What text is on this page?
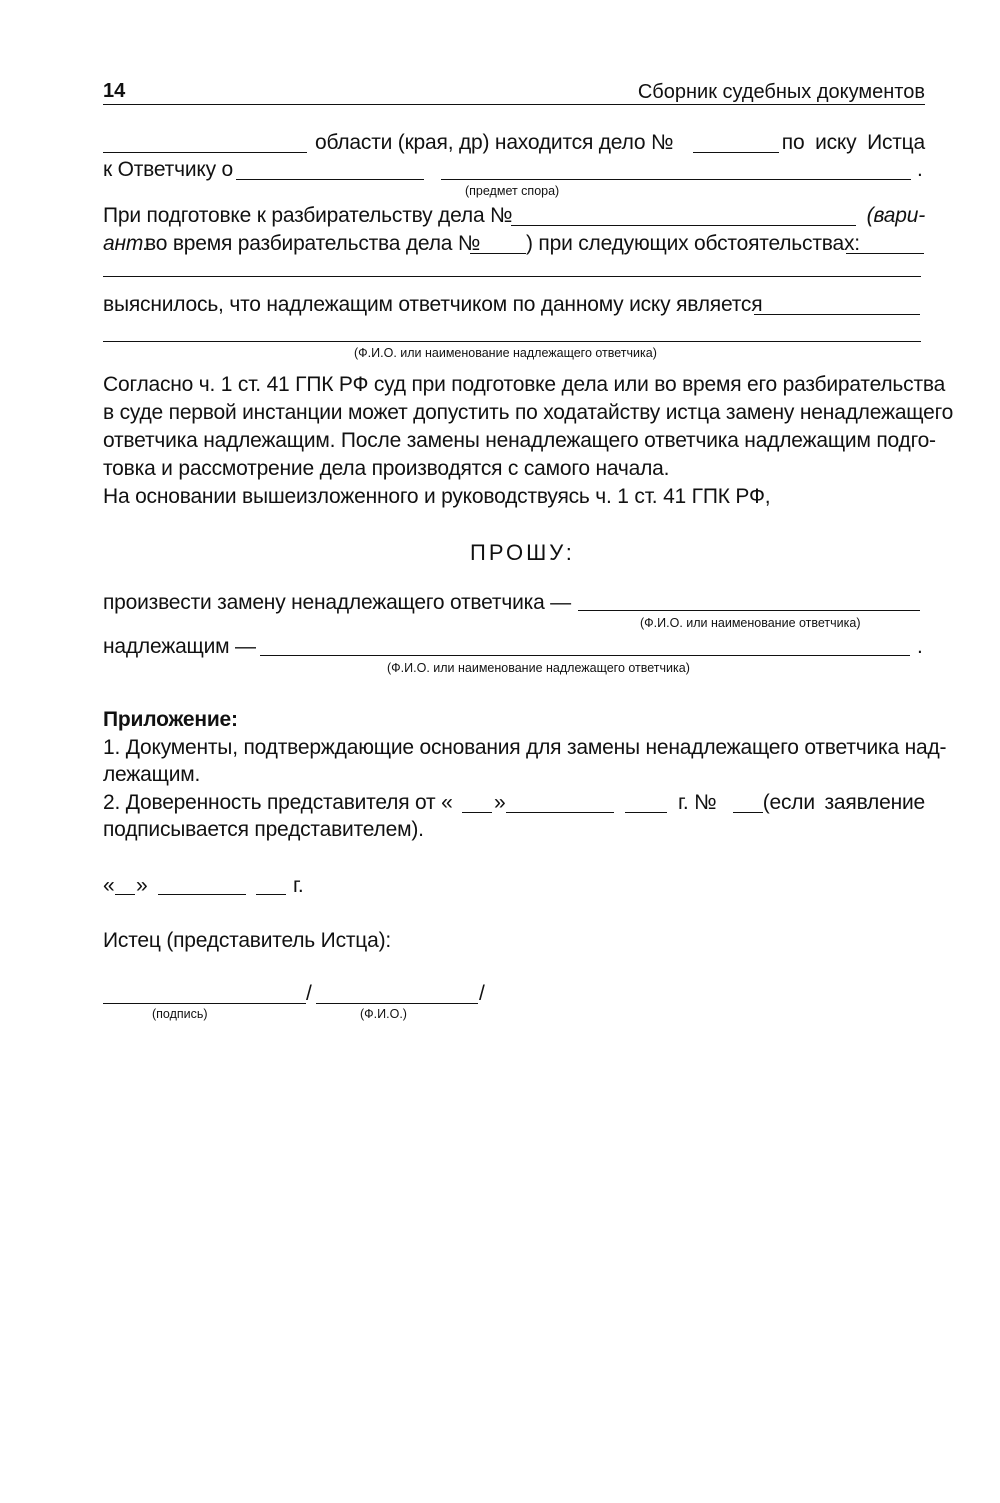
14	Сборник судебных документов
области (края, др) находится дело №	по иску Истца
к Ответчику о	.
(предмет спора)
При подготовке к разбирательству дела №	(вари-
ант:
во время разбирательства дела № ) при следующих обстоятельствах:
выяснилось, что надлежащим ответчиком по данному иску является
(Ф.И.О. или наименование надлежащего ответчика)
Согласно ч. 1 ст. 41 ГПК РФ суд при подготовке дела или во время его разбирательства
в суде первой инстанции может допустить по ходатайству истца замену ненадлежащего
ответчика надлежащим. После замены ненадлежащего ответчика надлежащим подго-
товка и рассмотрение дела производятся с самого начала.
На основании вышеизложенного и руководствуясь ч. 1 ст. 41 ГПК РФ,
ПРОШУ:
произвести замену ненадлежащего ответчика —
(Ф.И.О. или наименование ответчика)
надлежащим —	.
(Ф.И.О. или наименование надлежащего ответчика)
Приложение:
1. Документы, подтверждающие основания для замены ненадлежащего ответчика над-
лежащим.
2. Доверенность представителя от « »	г. № (если заявление
подписывается представителем).
« »	г.
Истец (представитель Истца):
/	/
(подпись)	(Ф.И.О.)
